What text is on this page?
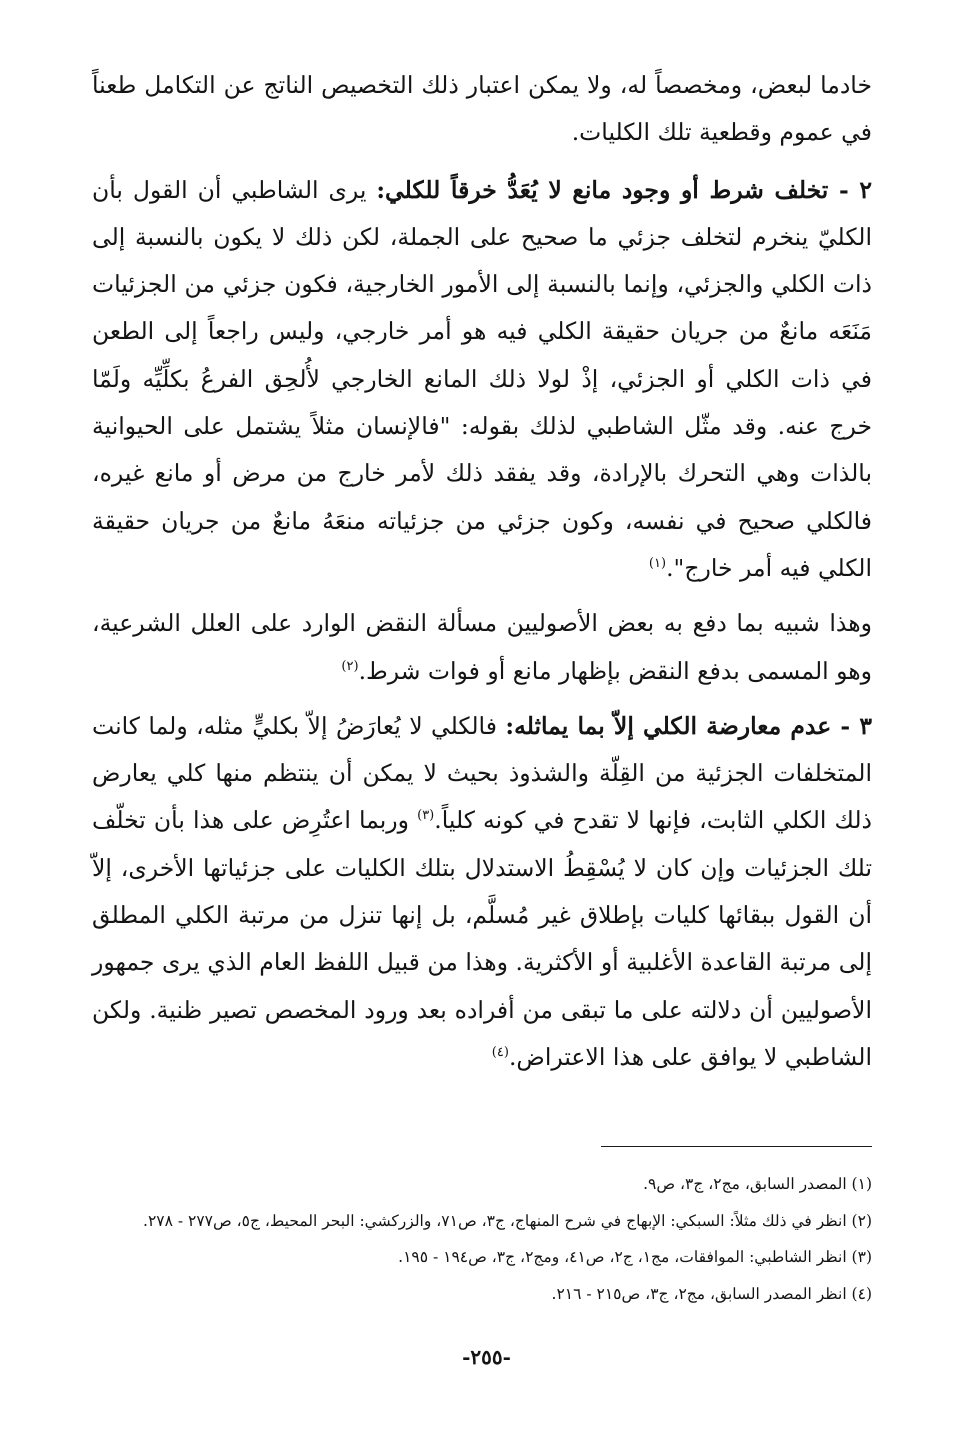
خادما لبعض، ومخصصاً له، ولا يمكن اعتبار ذلك التخصيص الناتج عن التكامل طعناً في عموم وقطعية تلك الكليات.

٢ - تخلف شرط أو وجود مانع لا يُعَدُّ خرقاً للكلي: يرى الشاطبي أن القول بأن الكليّ ينخرم لتخلف جزئي ما صحيح على الجملة، لكن ذلك لا يكون بالنسبة إلى ذات الكلي والجزئي، وإنما بالنسبة إلى الأمور الخارجية، فكون جزئي من الجزئيات مَنَعَه مانعٌ من جريان حقيقة الكلي فيه هو أمر خارجي، وليس راجعاً إلى الطعن في ذات الكلي أو الجزئي، إذْ لولا ذلك المانع الخارجي لأُلحِق الفرعُ بكلِّيِّه ولَمّا خرج عنه. وقد مثّل الشاطبي لذلك بقوله: "فالإنسان مثلاً يشتمل على الحيوانية بالذات وهي التحرك بالإرادة، وقد يفقد ذلك لأمر خارج من مرض أو مانع غيره، فالكلي صحيح في نفسه، وكون جزئي من جزئياته منعَهُ مانعٌ من جريان حقيقة الكلي فيه أمر خارج".$^{(١)}$

وهذا شبيه بما دفع به بعض الأصوليين مسألة النقض الوارد على العلل الشرعية، وهو المسمى بدفع النقض بإظهار مانع أو فوات شرط.$^{(٢)}$

٣ - عدم معارضة الكلي إلاّ بما يماثله: فالكلي لا يُعارَضُ إلاّ بكليٍّ مثله، ولما كانت المتخلفات الجزئية من القِلّة والشذوذ بحيث لا يمكن أن ينتظم منها كلي يعارض ذلك الكلي الثابت، فإنها لا تقدح في كونه كلياً.$^{(٣)}$ وربما اعتُرِض على هذا بأن تخلّف تلك الجزئيات وإن كان لا يُسْقِطُ الاستدلال بتلك الكليات على جزئياتها الأخرى، إلاّ أن القول ببقائها كليات بإطلاق غير مُسلَّم، بل إنها تنزل من مرتبة الكلي المطلق إلى مرتبة القاعدة الأغلبية أو الأكثرية. وهذا من قبيل اللفظ العام الذي يرى جمهور الأصوليين أن دلالته على ما تبقى من أفراده بعد ورود المخصص تصير ظنية. ولكن الشاطبي لا يوافق على هذا الاعتراض.$^{(٤)}$

(١) المصدر السابق، مج٢، ج٣، ص٩.

(٢) انظر في ذلك مثلاً: السبكي: الإبهاج في شرح المنهاج، ج٣، ص٧١، والزركشي: البحر المحيط، ج٥، ص٢٧٧ - ٢٧٨.

(٣) انظر الشاطبي: الموافقات، مج١، ج٢، ص٤١، ومج٢، ج٣، ص١٩٤ - ١٩٥.

(٤) انظر المصدر السابق، مج٢، ج٣، ص٢١٥ - ٢١٦.

-٢٥٥-
